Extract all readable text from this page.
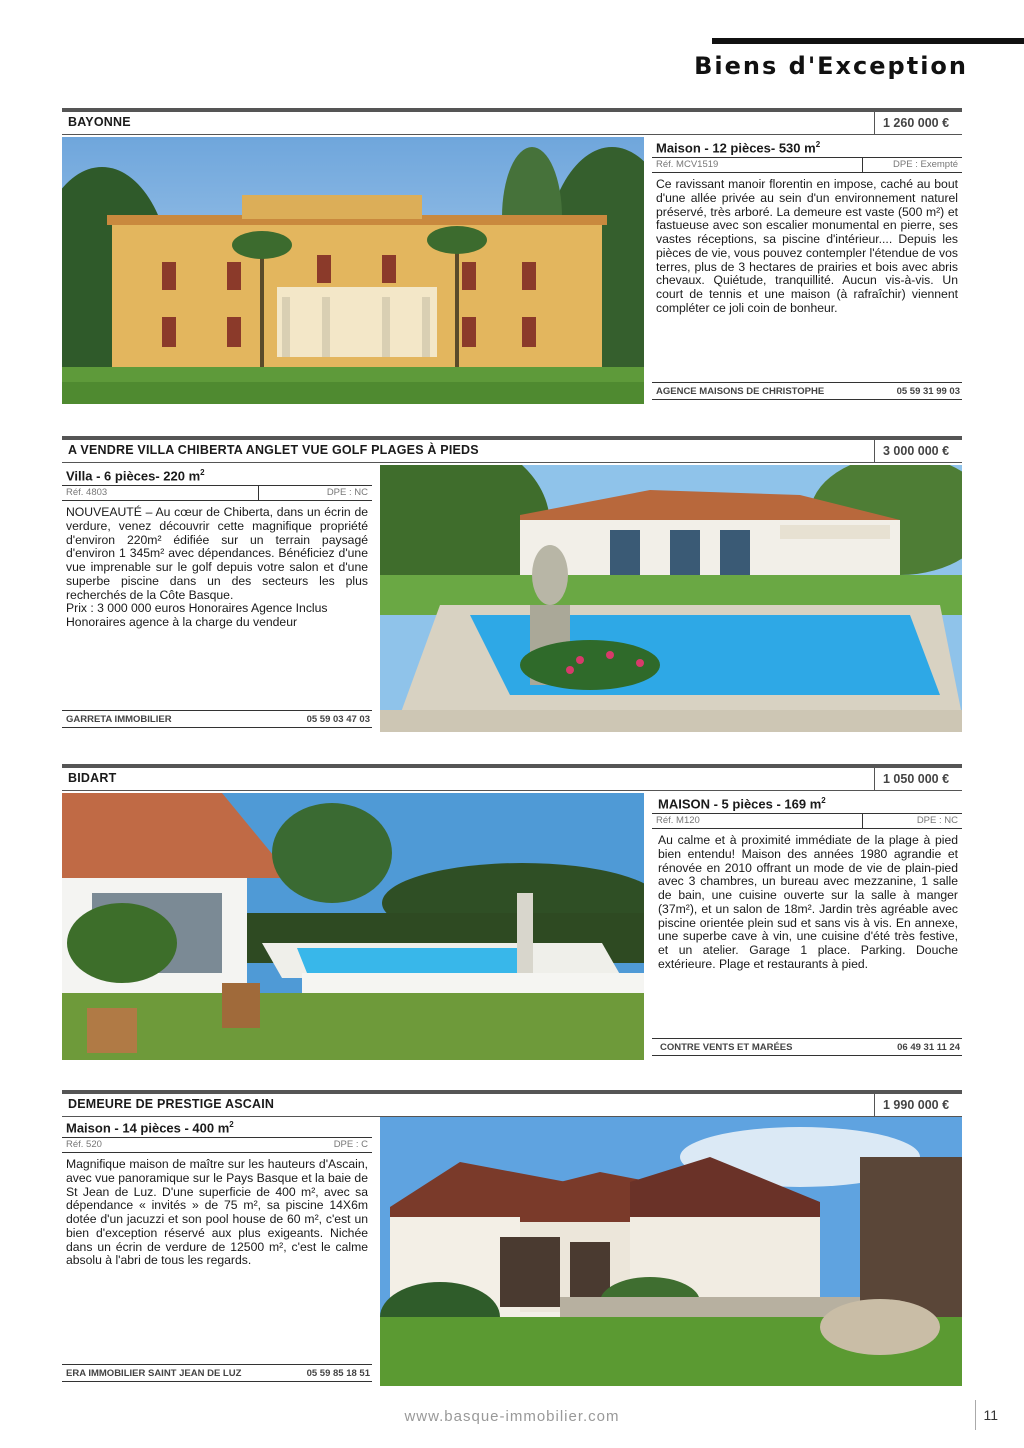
Biens d'Exception
BAYONNE	1 260 000 €
Maison - 12 pièces- 530 $m^2$
Réf. MCV1519	DPE : Exempté
Ce ravissant manoir florentin en impose, caché au bout d'une allée privée au sein d'un environnement naturel préservé, très arboré. La demeure est vaste (500 m²) et fastueuse avec son escalier monumental en pierre, ses vastes réceptions, sa piscine d'intérieur.... Depuis les pièces de vie, vous pouvez contempler l'étendue de vos terres, plus de 3 hectares de prairies et bois avec abris chevaux. Quiétude, tranquillité. Aucun vis-à-vis. Un court de tennis et une maison (à rafraîchir) viennent compléter ce joli coin de bonheur.
AGENCE MAISONS DE CHRISTOPHE	05 59 31 99 03
A VENDRE VILLA CHIBERTA ANGLET VUE GOLF PLAGES À PIEDS	3 000 000 €
Villa - 6 pièces- 220 $m^2$
Réf. 4803	DPE : NC
NOUVEAUTÉ – Au cœur de Chiberta, dans un écrin de verdure, venez découvrir cette magnifique propriété d'environ 220m² édifiée sur un terrain paysagé d'environ 1 345m² avec dépendances. Bénéficiez d'une vue imprenable sur le golf depuis votre salon et d'une superbe piscine dans un des secteurs les plus recherchés de la Côte Basque.
Prix : 3 000 000 euros Honoraires Agence Inclus Honoraires agence à la charge du vendeur
GARRETA IMMOBILIER	05 59 03 47 03
BIDART	1 050 000 €
MAISON - 5 pièces - 169 $m^2$
Réf. M120	DPE : NC
Au calme et à proximité immédiate de la plage à pied bien entendu! Maison des années 1980 agrandie et rénovée en 2010 offrant un mode de vie de plain-pied avec 3 chambres, un bureau avec mezzanine, 1 salle de bain, une cuisine ouverte sur la salle à manger (37m²), et un salon de 18m². Jardin très agréable avec piscine orientée plein sud et sans vis à vis. En annexe, une superbe cave à vin, une cuisine d'été très festive, et un atelier. Garage 1 place. Parking. Douche extérieure. Plage et restaurants à pied.
CONTRE VENTS ET MARÉES	06 49 31 11 24
DEMEURE DE PRESTIGE ASCAIN	1 990 000 €
Maison - 14 pièces - 400 $m^2$
Réf. 520	DPE : C
Magnifique maison de maître sur les hauteurs d'Ascain, avec vue panoramique sur le Pays Basque et la baie de St Jean de Luz. D'une superficie de 400 m², avec sa dépendance « invités » de 75 m², sa piscine 14X6m dotée d'un jacuzzi et son pool house de 60 m², c'est un bien d'exception réservé aux plus exigeants. Nichée dans un écrin de verdure de 12500 m², c'est le calme absolu à l'abri de tous les regards.
ERA IMMOBILIER SAINT JEAN DE LUZ	05 59 85 18 51
www.basque-immobilier.com	11
